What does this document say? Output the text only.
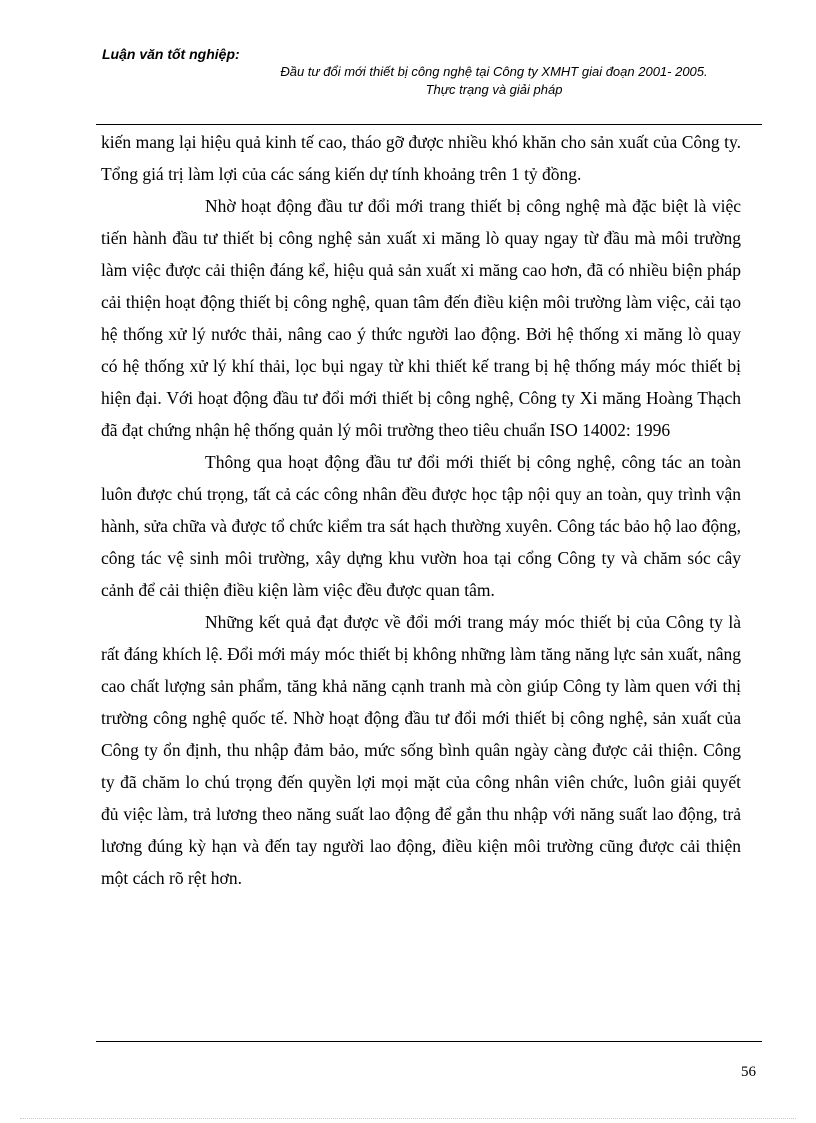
Luận văn tốt nghiệp:
Đầu tư đổi mới thiết bị công nghệ tại Công ty XMHT giai đoạn 2001- 2005.
Thực trạng và giải pháp

kiến mang lại hiệu quả kinh tế cao, tháo gỡ được nhiều khó khăn cho sản xuất của Công ty. Tổng giá trị làm lợi của các sáng kiến dự tính khoảng trên 1 tỷ đồng.

Nhờ hoạt động đầu tư đổi mới trang thiết bị công nghệ mà đặc biệt là việc tiến hành đầu tư thiết bị công nghệ sản xuất xi măng lò quay ngay từ đầu mà môi trường làm việc được cải thiện đáng kể, hiệu quả sản xuất xi măng cao hơn, đã có nhiều biện pháp cải thiện hoạt động thiết bị công nghệ, quan tâm đến điều kiện môi trường làm việc, cải tạo hệ thống xử lý nước thải, nâng cao ý thức người lao động. Bởi hệ thống xi măng lò quay có hệ thống xử lý khí thải, lọc bụi ngay từ khi thiết kế trang bị hệ thống máy móc thiết bị hiện đại. Với hoạt động đầu tư đổi mới thiết bị công nghệ, Công ty Xi măng Hoàng Thạch đã đạt chứng nhận hệ thống quản lý môi trường theo tiêu chuẩn ISO 14002: 1996

Thông qua hoạt động đầu tư đổi mới thiết bị công nghệ, công tác an toàn luôn được chú trọng, tất cả các công nhân đều được học tập nội quy an toàn, quy trình vận hành, sửa chữa và được tổ chức kiểm tra sát hạch thường xuyên. Công tác bảo hộ lao động, công tác vệ sinh môi trường, xây dựng khu vườn hoa tại cổng Công ty và chăm sóc cây cảnh để cải thiện điều kiện làm việc đều được quan tâm.

Những kết quả đạt được về đổi mới trang máy móc thiết bị của Công ty là rất đáng khích lệ. Đổi mới máy móc thiết bị không những làm tăng năng lực sản xuất, nâng cao chất lượng sản phẩm, tăng khả năng cạnh tranh mà còn giúp Công ty làm quen với thị trường công nghệ quốc tế. Nhờ hoạt động đầu tư đổi mới thiết bị công nghệ, sản xuất của Công ty ổn định, thu nhập đảm bảo, mức sống bình quân ngày càng được cải thiện. Công ty đã chăm lo chú trọng đến quyền lợi mọi mặt của công nhân viên chức, luôn giải quyết đủ việc làm, trả lương theo năng suất lao động để gắn thu nhập với năng suất lao động, trả lương đúng kỳ hạn và đến tay người lao động, điều kiện môi trường cũng được cải thiện một cách rõ rệt hơn.

56
